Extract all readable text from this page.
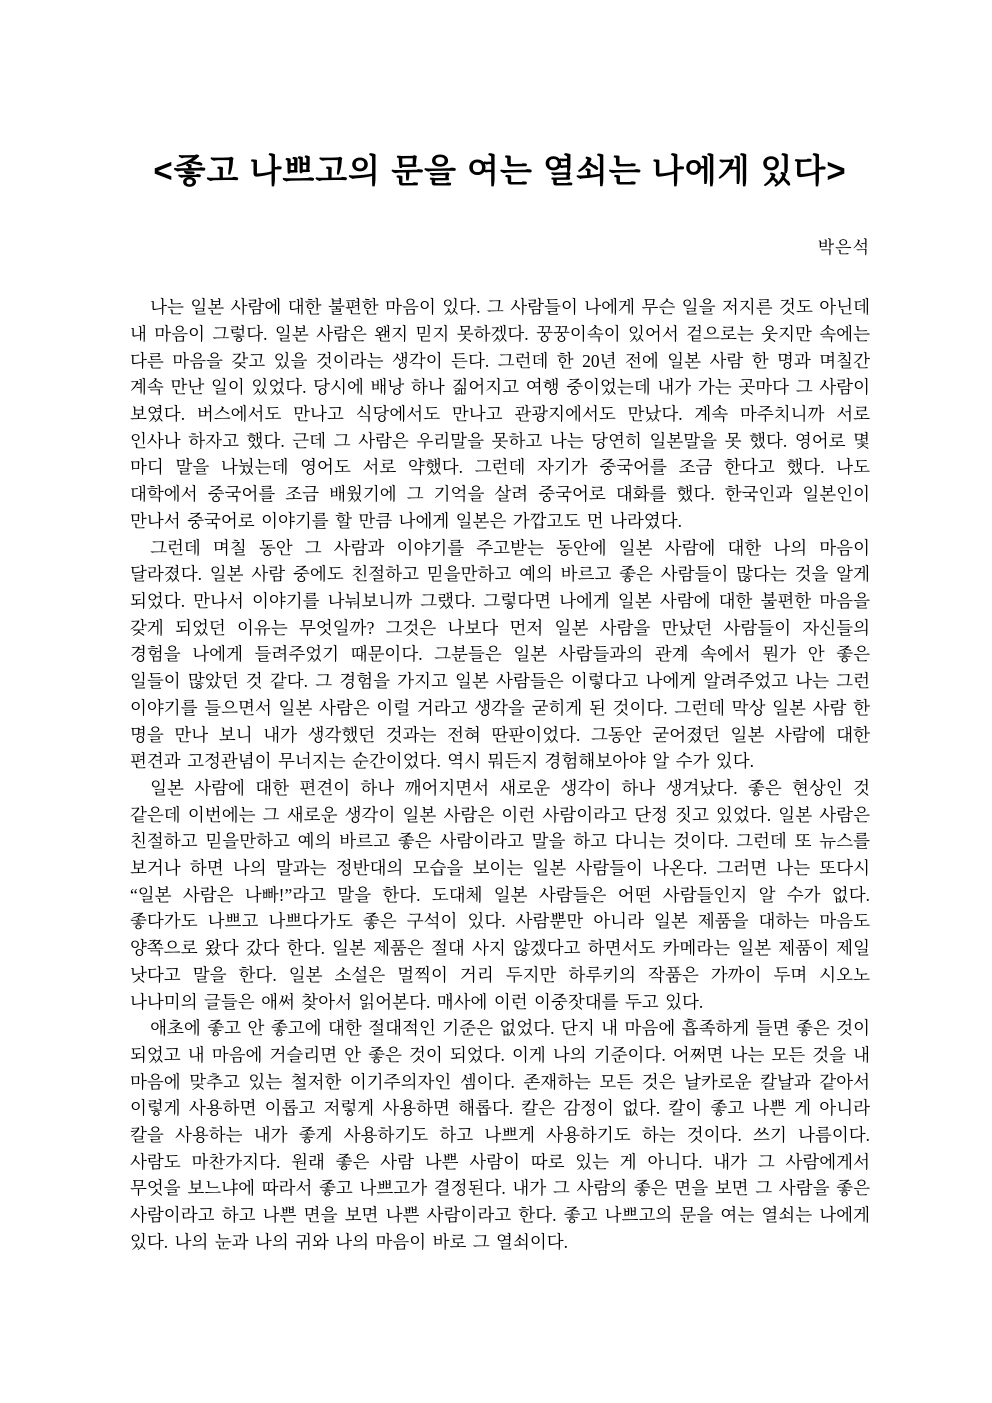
<좋고 나쁘고의 문을 여는 열쇠는 나에게 있다>
박은석

나는 일본 사람에 대한 불편한 마음이 있다. 그 사람들이 나에게 무슨 일을 저지른 것도 아닌데 내 마음이 그렇다. 일본 사람은 왠지 믿지 못하겠다. 꿍꿍이속이 있어서 겉으로는 웃지만 속에는 다른 마음을 갖고 있을 것이라는 생각이 든다. 그런데 한 20년 전에 일본 사람 한 명과 며칠간 계속 만난 일이 있었다. 당시에 배낭 하나 짊어지고 여행 중이었는데 내가 가는 곳마다 그 사람이 보였다. 버스에서도 만나고 식당에서도 만나고 관광지에서도 만났다. 계속 마주치니까 서로 인사나 하자고 했다. 근데 그 사람은 우리말을 못하고 나는 당연히 일본말을 못 했다. 영어로 몇 마디 말을 나눴는데 영어도 서로 약했다. 그런데 자기가 중국어를 조금 한다고 했다. 나도 대학에서 중국어를 조금 배웠기에 그 기억을 살려 중국어로 대화를 했다. 한국인과 일본인이 만나서 중국어로 이야기를 할 만큼 나에게 일본은 가깝고도 먼 나라였다.

그런데 며칠 동안 그 사람과 이야기를 주고받는 동안에 일본 사람에 대한 나의 마음이 달라졌다. 일본 사람 중에도 친절하고 믿을만하고 예의 바르고 좋은 사람들이 많다는 것을 알게 되었다. 만나서 이야기를 나눠보니까 그랬다. 그렇다면 나에게 일본 사람에 대한 불편한 마음을 갖게 되었던 이유는 무엇일까? 그것은 나보다 먼저 일본 사람을 만났던 사람들이 자신들의 경험을 나에게 들려주었기 때문이다. 그분들은 일본 사람들과의 관계 속에서 뭔가 안 좋은 일들이 많았던 것 같다. 그 경험을 가지고 일본 사람들은 이렇다고 나에게 알려주었고 나는 그런 이야기를 들으면서 일본 사람은 이럴 거라고 생각을 굳히게 된 것이다. 그런데 막상 일본 사람 한 명을 만나 보니 내가 생각했던 것과는 전혀 딴판이었다. 그동안 굳어졌던 일본 사람에 대한 편견과 고정관념이 무너지는 순간이었다. 역시 뭐든지 경험해보아야 알 수가 있다.

일본 사람에 대한 편견이 하나 깨어지면서 새로운 생각이 하나 생겨났다. 좋은 현상인 것 같은데 이번에는 그 새로운 생각이 일본 사람은 이런 사람이라고 단정 짓고 있었다. 일본 사람은 친절하고 믿을만하고 예의 바르고 좋은 사람이라고 말을 하고 다니는 것이다. 그런데 또 뉴스를 보거나 하면 나의 말과는 정반대의 모습을 보이는 일본 사람들이 나온다. 그러면 나는 또다시 “일본 사람은 나빠!”라고 말을 한다. 도대체 일본 사람들은 어떤 사람들인지 알 수가 없다. 좋다가도 나쁘고 나쁘다가도 좋은 구석이 있다. 사람뿐만 아니라 일본 제품을 대하는 마음도 양쪽으로 왔다 갔다 한다. 일본 제품은 절대 사지 않겠다고 하면서도 카메라는 일본 제품이 제일 낫다고 말을 한다. 일본 소설은 멀찍이 거리 두지만 하루키의 작품은 가까이 두며 시오노 나나미의 글들은 애써 찾아서 읽어본다. 매사에 이런 이중잣대를 두고 있다.

애초에 좋고 안 좋고에 대한 절대적인 기준은 없었다. 단지 내 마음에 흡족하게 들면 좋은 것이 되었고 내 마음에 거슬리면 안 좋은 것이 되었다. 이게 나의 기준이다. 어쩌면 나는 모든 것을 내 마음에 맞추고 있는 철저한 이기주의자인 셈이다. 존재하는 모든 것은 날카로운 칼날과 같아서 이렇게 사용하면 이롭고 저렇게 사용하면 해롭다. 칼은 감정이 없다. 칼이 좋고 나쁜 게 아니라 칼을 사용하는 내가 좋게 사용하기도 하고 나쁘게 사용하기도 하는 것이다. 쓰기 나름이다. 사람도 마찬가지다. 원래 좋은 사람 나쁜 사람이 따로 있는 게 아니다. 내가 그 사람에게서 무엇을 보느냐에 따라서 좋고 나쁘고가 결정된다. 내가 그 사람의 좋은 면을 보면 그 사람을 좋은 사람이라고 하고 나쁜 면을 보면 나쁜 사람이라고 한다. 좋고 나쁘고의 문을 여는 열쇠는 나에게 있다. 나의 눈과 나의 귀와 나의 마음이 바로 그 열쇠이다.
